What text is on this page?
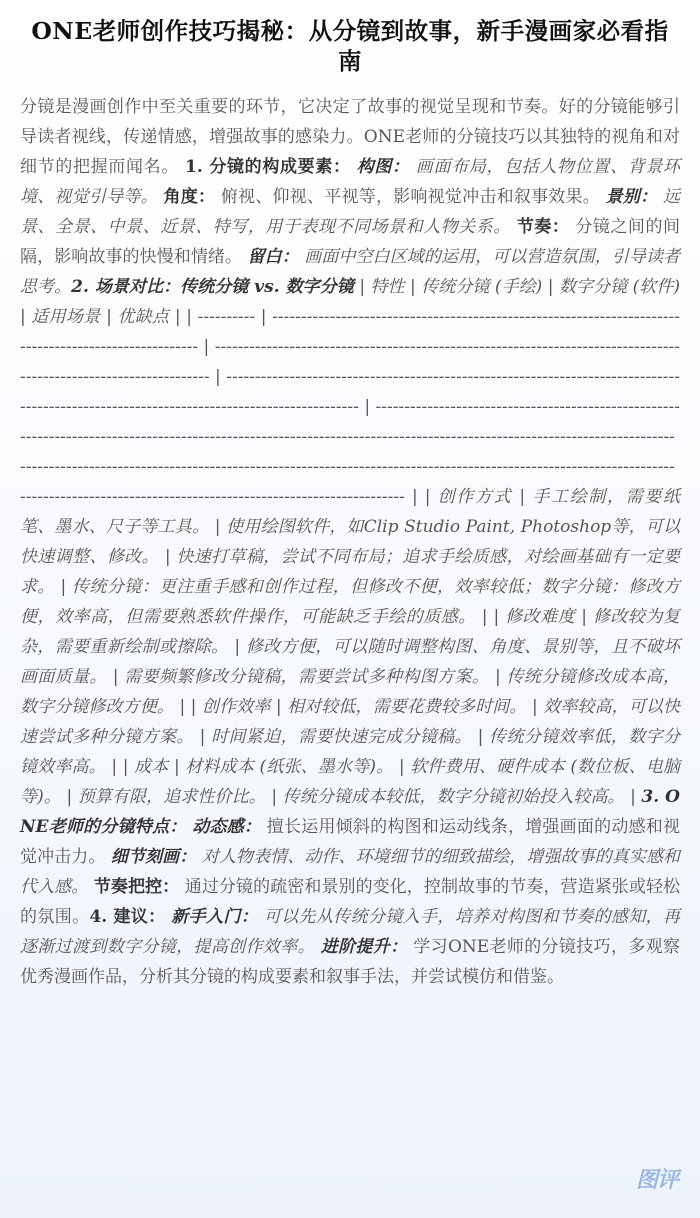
ONE老师创作技巧揭秘：从分镜到故事，新手漫画家必看指南
分镜是漫画创作中至关重要的环节，它决定了故事的视觉呈现和节奏。好的分镜能够引导读者视线，传递情感，增强故事的感染力。ONE老师的分镜技巧以其独特的视角和对细节的把握而闻名。 1. 分镜的构成要素： 构图： 画面布局，包括人物位置、背景环境、视觉引导等。 角度： 俯视、仰视、平视等，影响视觉冲击和叙事效果。 景别： 远景、全景、中景、近景、特写，用于表现不同场景和人物关系。 节奏： 分镜之间的间隔，影响故事的快慢和情绪。 留白： 画面中空白区域的运用，可以营造氛围，引导读者思考。2. 场景对比：传统分镜 vs. 数字分镜 | 特性 | 传统分镜 (手绘) | 数字分镜 (软件) | 适用场景 | 优缺点 | | ---------- | ------------------------------------------------------------------------------------------------------ | ------------------------------------------------------------------------------------------------------------------ | ------------------------------------------------------------------------------------------------------------------------------------------ | ------------------------------------------------------------------------------------------------------------------------------------------------------------------------------------------------------------------------------------------------------------------------------------------------------------------------------------------------------------ | | 创作方式 | 手工绘制，需要纸笔、墨水、尺子等工具。 | 使用绘图软件，如Clip Studio Paint, Photoshop等，可以快速调整、修改。 | 快速打草稿，尝试不同布局；追求手绘质感，对绘画基础有一定要求。 | 传统分镜：更注重手感和创作过程，但修改不便，效率较低；数字分镜：修改方便，效率高，但需要熟悉软件操作，可能缺乏手绘的质感。 | | 修改难度 | 修改较为复杂，需要重新绘制或擦除。 | 修改方便，可以随时调整构图、角度、景别等，且不破坏画面质量。 | 需要频繁修改分镜稿，需要尝试多种构图方案。 | 传统分镜修改成本高，数字分镜修改方便。 | | 创作效率 | 相对较低，需要花费较多时间。 | 效率较高，可以快速尝试多种分镜方案。 | 时间紧迫，需要快速完成分镜稿。 | 传统分镜效率低，数字分镜效率高。 | | 成本 | 材料成本 (纸张、墨水等)。 | 软件费用、硬件成本 (数位板、电脑等)。 | 预算有限，追求性价比。 | 传统分镜成本较低，数字分镜初始投入较高。 | 3. ONE老师的分镜特点： 动态感： 擅长运用倾斜的构图和运动线条，增强画面的动感和视觉冲击力。 细节刻画： 对人物表情、动作、环境细节的细致描绘，增强故事的真实感和代入感。 节奏把控： 通过分镜的疏密和景别的变化，控制故事的节奏，营造紧张或轻松的氛围。4. 建议： 新手入门： 可以先从传统分镜入手，培养对构图和节奏的感知，再逐渐过渡到数字分镜，提高创作效率。 进阶提升： 学习ONE老师的分镜技巧，多观察优秀漫画作品，分析其分镜的构成要素和叙事手法，并尝试模仿和借鉴。
图评
